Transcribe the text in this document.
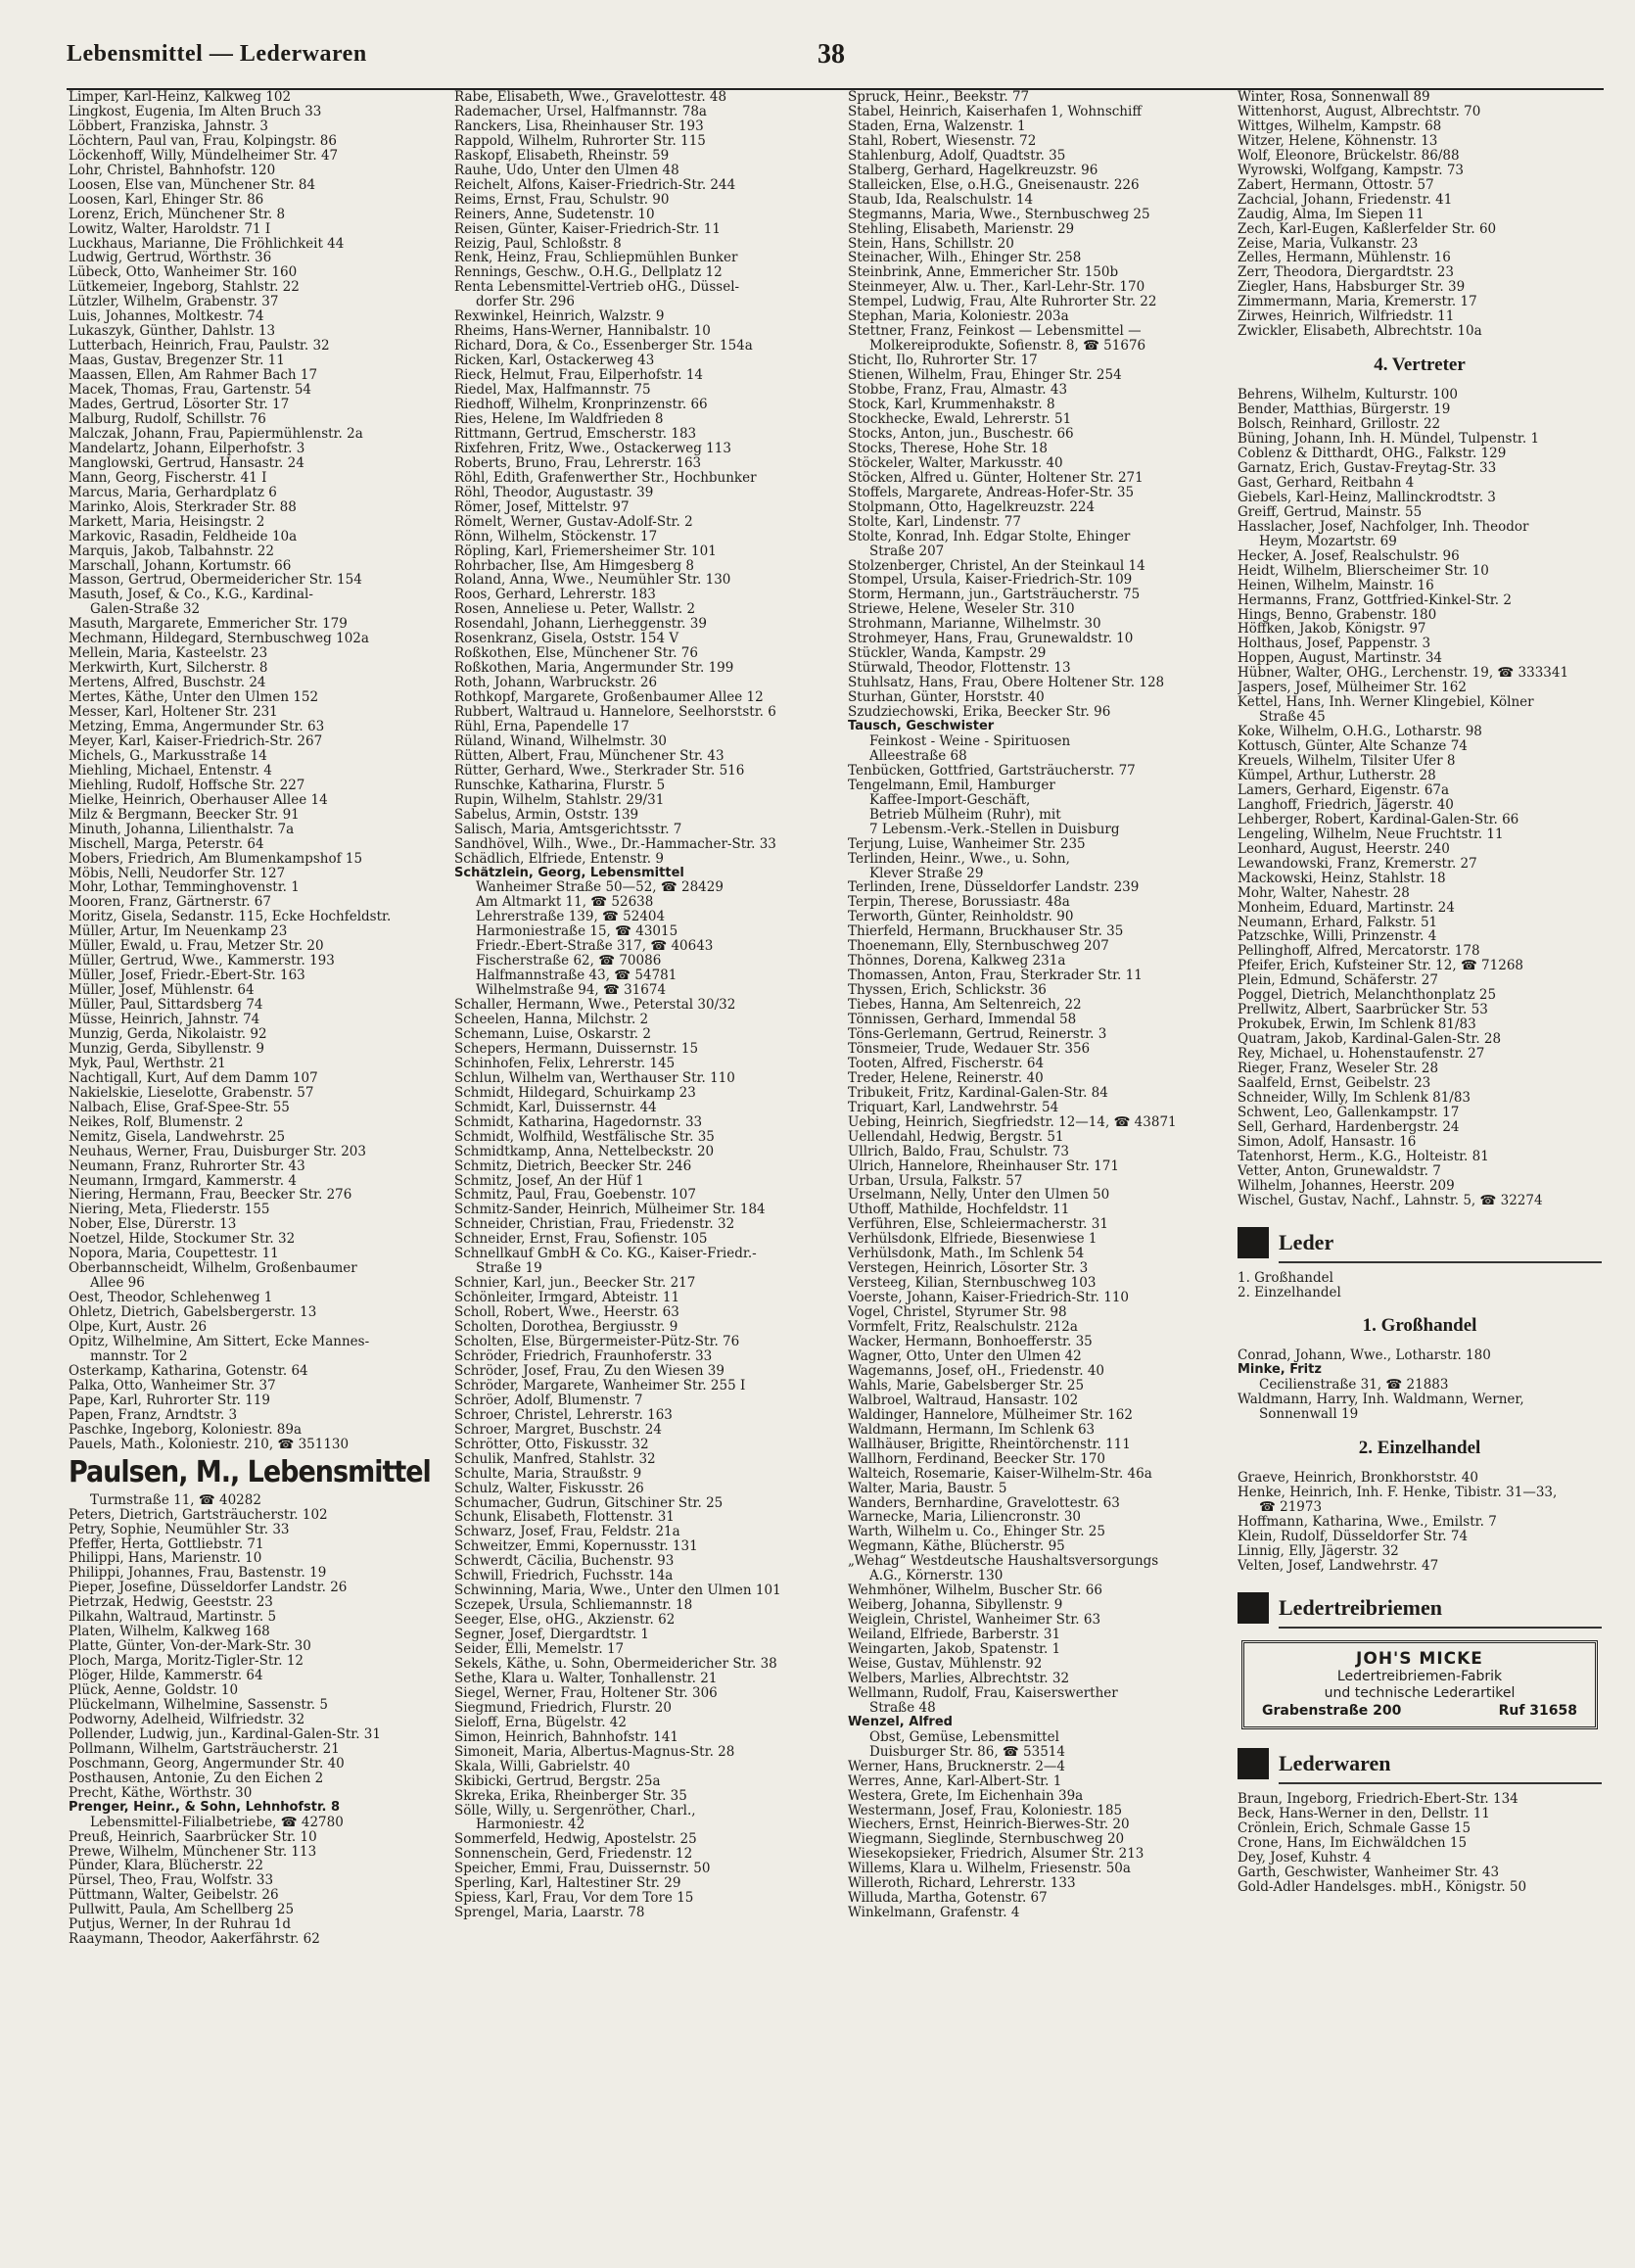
Lebensmittel — Lederwaren	38
Limper, Karl-Heinz, Kalkweg 102
Lingkost, Eugenia, Im Alten Bruch 33
Löbbert, Franziska, Jahnstr. 3
Löchtern, Paul van, Frau, Kolpingstr. 86
Löckenhoff, Willy, Mündelheimer Str. 47
Lohr, Christel, Bahnhofstr. 120
Loosen, Else van, Münchener Str. 84
Loosen, Karl, Ehinger Str. 86
Lorenz, Erich, Münchener Str. 8
Lowitz, Walter, Haroldstr. 71 I
Luckhaus, Marianne, Die Fröhlichkeit 44
Ludwig, Gertrud, Wörthstr. 36
Lübeck, Otto, Wanheimer Str. 160
Lütkemeier, Ingeborg, Stahlstr. 22
Lützler, Wilhelm, Grabenstr. 37
Luis, Johannes, Moltkestr. 74
Lukaszyk, Günther, Dahlstr. 13
Lutterbach, Heinrich, Frau, Paulstr. 32
Maas, Gustav, Bregenzer Str. 11
Maassen, Ellen, Am Rahmer Bach 17
Macek, Thomas, Frau, Gartenstr. 54
Mades, Gertrud, Lösorter Str. 17
Malburg, Rudolf, Schillstr. 76
Malczak, Johann, Frau, Papiermühlenstr. 2a
Mandelartz, Johann, Eilperhofstr. 3
Manglowski, Gertrud, Hansastr. 24
Mann, Georg, Fischerstr. 41 I
Marcus, Maria, Gerhardplatz 6
Marinko, Alois, Sterkrader Str. 88
Markett, Maria, Heisingstr. 2
Markovic, Rasadin, Feldheide 10a
Marquis, Jakob, Talbahnstr. 22
Marschall, Johann, Kortumstr. 66
Masson, Gertrud, Obermeidericher Str. 154
Masuth, Josef, & Co., K.G., Kardinal-
Galen-Straße 32
Masuth, Margarete, Emmericher Str. 179
Mechmann, Hildegard, Sternbuschweg 102a
Mellein, Maria, Kasteelstr. 23
Merkwirth, Kurt, Silcherstr. 8
Mertens, Alfred, Buschstr. 24
Mertes, Käthe, Unter den Ulmen 152
Messer, Karl, Holtener Str. 231
Metzing, Emma, Angermunder Str. 63
Meyer, Karl, Kaiser-Friedrich-Str. 267
Michels, G., Markusstraße 14
Miehling, Michael, Entenstr. 4
Miehling, Rudolf, Hoffsche Str. 227
Mielke, Heinrich, Oberhauser Allee 14
Milz & Bergmann, Beecker Str. 91
Minuth, Johanna, Lilienthalstr. 7a
Mischell, Marga, Peterstr. 64
Mobers, Friedrich, Am Blumenkampshof 15
Möbis, Nelli, Neudorfer Str. 127
Mohr, Lothar, Temminghovenstr. 1
Mooren, Franz, Gärtnerstr. 67
Moritz, Gisela, Sedanstr. 115, Ecke Hochfeldstr.
Müller, Artur, Im Neuenkamp 23
Müller, Ewald, u. Frau, Metzer Str. 20
Müller, Gertrud, Wwe., Kammerstr. 193
Müller, Josef, Friedr.-Ebert-Str. 163
Müller, Josef, Mühlenstr. 64
Müller, Paul, Sittardsberg 74
Müsse, Heinrich, Jahnstr. 74
Munzig, Gerda, Nikolaistr. 92
Munzig, Gerda, Sibyllenstr. 9
Myk, Paul, Werthstr. 21
Nachtigall, Kurt, Auf dem Damm 107
Nakielskie, Lieselotte, Grabenstr. 57
Nalbach, Elise, Graf-Spee-Str. 55
Neikes, Rolf, Blumenstr. 2
Nemitz, Gisela, Landwehrstr. 25
Neuhaus, Werner, Frau, Duisburger Str. 203
Neumann, Franz, Ruhrorter Str. 43
Neumann, Irmgard, Kammerstr. 4
Niering, Hermann, Frau, Beecker Str. 276
Niering, Meta, Fliederstr. 155
Nober, Else, Dürerstr. 13
Noetzel, Hilde, Stockumer Str. 32
Nopora, Maria, Coupettestr. 11
Oberbannscheidt, Wilhelm, Großenbaumer
Allee 96
Oest, Theodor, Schlehenweg 1
Ohletz, Dietrich, Gabelsbergerstr. 13
Olpe, Kurt, Austr. 26
Opitz, Wilhelmine, Am Sittert, Ecke Mannes-
mannstr. Tor 2
Osterkamp, Katharina, Gotenstr. 64
Palka, Otto, Wanheimer Str. 37
Pape, Karl, Ruhrorter Str. 119
Papen, Franz, Arndtstr. 3
Paschke, Ingeborg, Koloniestr. 89a
Pauels, Math., Koloniestr. 210, ☎ 351130
Paulsen, M., Lebensmittel
Turmstraße 11, ☎ 40282
Peters, Dietrich, Gartsträucherstr. 102
Petry, Sophie, Neumühler Str. 33
Pfeffer, Herta, Gottliebstr. 71
Philippi, Hans, Marienstr. 10
Philippi, Johannes, Frau, Bastenstr. 19
Pieper, Josefine, Düsseldorfer Landstr. 26
Pietrzak, Hedwig, Geeststr. 23
Pilkahn, Waltraud, Martinstr. 5
Platen, Wilhelm, Kalkweg 168
Platte, Günter, Von-der-Mark-Str. 30
Ploch, Marga, Moritz-Tigler-Str. 12
Plöger, Hilde, Kammerstr. 64
Plück, Aenne, Goldstr. 10
Plückelmann, Wilhelmine, Sassenstr. 5
Podworny, Adelheid, Wilfriedstr. 32
Pollender, Ludwig, jun., Kardinal-Galen-Str. 31
Pollmann, Wilhelm, Gartsträucherstr. 21
Poschmann, Georg, Angermunder Str. 40
Posthausen, Antonie, Zu den Eichen 2
Precht, Käthe, Wörthstr. 30
Prenger, Heinr., & Sohn, Lehnhofstr. 8
Lebensmittel-Filialbetriebe, ☎ 42780
Preuß, Heinrich, Saarbrücker Str. 10
Prewe, Wilhelm, Münchener Str. 113
Pünder, Klara, Blücherstr. 22
Pürsel, Theo, Frau, Wolfstr. 33
Püttmann, Walter, Geibelstr. 26
Pullwitt, Paula, Am Schellberg 25
Putjus, Werner, In der Ruhrau 1d
Raaymann, Theodor, Aakerfährstr. 62
Rabe, Elisabeth, Wwe., Gravelottestr. 48
Rademacher, Ursel, Halfmannstr. 78a
Ranckers, Lisa, Rheinhauser Str. 193
Rappold, Wilhelm, Ruhrorter Str. 115
Raskopf, Elisabeth, Rheinstr. 59
Rauhe, Udo, Unter den Ulmen 48
Reichelt, Alfons, Kaiser-Friedrich-Str. 244
Reims, Ernst, Frau, Schulstr. 90
Reiners, Änne, Sudetenstr. 10
Reisen, Günter, Kaiser-Friedrich-Str. 11
Reizig, Paul, Schloßstr. 8
Renk, Heinz, Frau, Schliepmühlen Bunker
Rennings, Geschw., O.H.G., Dellplatz 12
Renta Lebensmittel-Vertrieb oHG., Düssel-
dorfer Str. 296
Rexwinkel, Heinrich, Walzstr. 9
Rheims, Hans-Werner, Hannibalstr. 10
Richard, Dora, & Co., Essenberger Str. 154a
Ricken, Karl, Ostackerweg 43
Rieck, Helmut, Frau, Eilperhofstr. 14
Riedel, Max, Halfmannstr. 75
Riedhoff, Wilhelm, Kronprinzenstr. 66
Ries, Helene, Im Waldfrieden 8
Rittmann, Gertrud, Emscherstr. 183
Rixfehren, Fritz, Wwe., Ostackerweg 113
Roberts, Bruno, Frau, Lehrerstr. 163
Röhl, Edith, Grafenwerther Str., Hochbunker
Röhl, Theodor, Augustastr. 39
Römer, Josef, Mittelstr. 97
Römelt, Werner, Gustav-Adolf-Str. 2
Rönn, Wilhelm, Stöckenstr. 17
Röpling, Karl, Friemersheimer Str. 101
Rohrbacher, Ilse, Am Himgesberg 8
Roland, Anna, Wwe., Neumühler Str. 130
Roos, Gerhard, Lehrerstr. 183
Rosen, Anneliese u. Peter, Wallstr. 2
Rosendahl, Johann, Lierheggenstr. 39
Rosenkranz, Gisela, Oststr. 154 V
Roßkothen, Else, Münchener Str. 76
Roßkothen, Maria, Angermunder Str. 199
Roth, Johann, Warbruckstr. 26
Rothkopf, Margarete, Großenbaumer Allee 12
Rubbert, Waltraud u. Hannelore, Seelhorststr. 6
Rühl, Erna, Papendelle 17
Rüland, Winand, Wilhelmstr. 30
Rütten, Albert, Frau, Münchener Str. 43
Rütter, Gerhard, Wwe., Sterkrader Str. 516
Runschke, Katharina, Flurstr. 5
Rupin, Wilhelm, Stahlstr. 29/31
Sabelus, Armin, Oststr. 139
Salisch, Maria, Amtsgerichtsstr. 7
Sandhövel, Wilh., Wwe., Dr.-Hammacher-Str. 33
Schädlich, Elfriede, Entenstr. 9
Schätzlein, Georg, Lebensmittel
Wanheimer Straße 50—52, ☎ 28429
Am Altmarkt 11, ☎ 52638
Lehrerstraße 139, ☎ 52404
Harmoniestraße 15, ☎ 43015
Friedr.-Ebert-Straße 317, ☎ 40643
Fischerstraße 62, ☎ 70086
Halfmannstraße 43, ☎ 54781
Wilhelmstraße 94, ☎ 31674
Schaller, Hermann, Wwe., Peterstal 30/32
Scheelen, Hanna, Milchstr. 2
Schemann, Luise, Oskarstr. 2
Schepers, Hermann, Duissernstr. 15
Schinhofen, Felix, Lehrerstr. 145
Schlun, Wilhelm van, Werthauser Str. 110
Schmidt, Hildegard, Schuirkamp 23
Schmidt, Karl, Duissernstr. 44
Schmidt, Katharina, Hagedornstr. 33
Schmidt, Wolfhild, Westfälische Str. 35
Schmidtkamp, Anna, Nettelbeckstr. 20
Schmitz, Dietrich, Beecker Str. 246
Schmitz, Josef, An der Hüf 1
Schmitz, Paul, Frau, Goebenstr. 107
Schmitz-Sander, Heinrich, Mülheimer Str. 184
Schneider, Christian, Frau, Friedenstr. 32
Schneider, Ernst, Frau, Sofienstr. 105
Schnellkauf GmbH & Co. KG., Kaiser-Friedr.-
Straße 19
Schnier, Karl, jun., Beecker Str. 217
Schönleiter, Irmgard, Abteistr. 11
Scholl, Robert, Wwe., Heerstr. 63
Scholten, Dorothea, Bergiusstr. 9
Scholten, Else, Bürgermeister-Pütz-Str. 76
Schröder, Friedrich, Fraunhoferstr. 33
Schröder, Josef, Frau, Zu den Wiesen 39
Schröder, Margarete, Wanheimer Str. 255 I
Schröer, Adolf, Blumenstr. 7
Schroer, Christel, Lehrerstr. 163
Schroer, Margret, Buschstr. 24
Schrötter, Otto, Fiskusstr. 32
Schulik, Manfred, Stahlstr. 32
Schulte, Maria, Straußstr. 9
Schulz, Walter, Fiskusstr. 26
Schumacher, Gudrun, Gitschiner Str. 25
Schunk, Elisabeth, Flottenstr. 31
Schwarz, Josef, Frau, Feldstr. 21a
Schweitzer, Emmi, Kopernusstr. 131
Schwerdt, Cäcilia, Buchenstr. 93
Schwill, Friedrich, Fuchsstr. 14a
Schwinning, Maria, Wwe., Unter den Ulmen 101
Sczepek, Ursula, Schliemannstr. 18
Seeger, Else, oHG., Akzienstr. 62
Segner, Josef, Diergardtstr. 1
Seider, Elli, Memelstr. 17
Sekels, Käthe, u. Sohn, Obermeidericher Str. 38
Sethe, Klara u. Walter, Tonhallenstr. 21
Siegel, Werner, Frau, Holtener Str. 306
Siegmund, Friedrich, Flurstr. 20
Sieloff, Erna, Bügelstr. 42
Simon, Heinrich, Bahnhofstr. 141
Simoneit, Maria, Albertus-Magnus-Str. 28
Skala, Willi, Gabrielstr. 40
Skibicki, Gertrud, Bergstr. 25a
Skreka, Erika, Rheinberger Str. 35
Sölle, Willy, u. Sergenröther, Charl.,
Harmoniestr. 42
Sommerfeld, Hedwig, Apostelstr. 25
Sonnenschein, Gerd, Friedenstr. 12
Speicher, Emmi, Frau, Duissernstr. 50
Sperling, Karl, Haltestiner Str. 29
Spiess, Karl, Frau, Vor dem Tore 15
Sprengel, Maria, Laarstr. 78
Spruck, Heinr., Beekstr. 77
Stabel, Heinrich, Kaiserhafen 1, Wohnschiff
Staden, Erna, Walzenstr. 1
Stahl, Robert, Wiesenstr. 72
Stahlenburg, Adolf, Quadtstr. 35
Stalberg, Gerhard, Hagelkreuzstr. 96
Stalleicken, Else, o.H.G., Gneisenaustr. 226
Staub, Ida, Realschulstr. 14
Stegmanns, Maria, Wwe., Sternbuschweg 25
Stehling, Elisabeth, Marienstr. 29
Stein, Hans, Schillstr. 20
Steinacher, Wilh., Ehinger Str. 258
Steinbrink, Änne, Emmericher Str. 150b
Steinmeyer, Alw. u. Ther., Karl-Lehr-Str. 170
Stempel, Ludwig, Frau, Alte Ruhrorter Str. 22
Stephan, Maria, Koloniestr. 203a
Stettner, Franz, Feinkost — Lebensmittel —
Molkereiprodukte, Sofienstr. 8, ☎ 51676
Sticht, Ilo, Ruhrorter Str. 17
Stienen, Wilhelm, Frau, Ehinger Str. 254
Stobbe, Franz, Frau, Almastr. 43
Stock, Karl, Krummenhakstr. 8
Stockhecke, Ewald, Lehrerstr. 51
Stocks, Anton, jun., Buschestr. 66
Stocks, Therese, Hohe Str. 18
Stöckeler, Walter, Markusstr. 40
Stöcken, Alfred u. Günter, Holtener Str. 271
Stoffels, Margarete, Andreas-Hofer-Str. 35
Stolpmann, Otto, Hagelkreuzstr. 224
Stolte, Karl, Lindenstr. 77
Stolte, Konrad, Inh. Edgar Stolte, Ehinger
Straße 207
Stolzenberger, Christel, An der Steinkaul 14
Stompel, Ursula, Kaiser-Friedrich-Str. 109
Storm, Hermann, jun., Gartsträucherstr. 75
Striewe, Helene, Weseler Str. 310
Strohmann, Marianne, Wilhelmstr. 30
Strohmeyer, Hans, Frau, Grunewaldstr. 10
Stückler, Wanda, Kampstr. 29
Stürwald, Theodor, Flottenstr. 13
Stuhlsatz, Hans, Frau, Obere Holtener Str. 128
Sturhan, Günter, Horststr. 40
Szudziechowski, Erika, Beecker Str. 96
Tausch, Geschwister
Feinkost - Weine - Spirituosen
Alleestraße 68
Tenbücken, Gottfried, Gartsträucherstr. 77
Tengelmann, Emil, Hamburger
Kaffee-Import-Geschäft,
Betrieb Mülheim (Ruhr), mit
7 Lebensm.-Verk.-Stellen in Duisburg
Terjung, Luise, Wanheimer Str. 235
Terlinden, Heinr., Wwe., u. Sohn,
Klever Straße 29
Terlinden, Irene, Düsseldorfer Landstr. 239
Terpin, Therese, Borussiastr. 48a
Terworth, Günter, Reinholdstr. 90
Thierfeld, Hermann, Bruckhauser Str. 35
Thoenemann, Elly, Sternbuschweg 207
Thönnes, Dorena, Kalkweg 231a
Thomassen, Anton, Frau, Sterkrader Str. 11
Thyssen, Erich, Schlickstr. 36
Tiebes, Hanna, Am Seltenreich, 22
Tönnissen, Gerhard, Immendal 58
Töns-Gerlemann, Gertrud, Reinerstr. 3
Tönsmeier, Trude, Wedauer Str. 356
Tooten, Alfred, Fischerstr. 64
Treder, Helene, Reinerstr. 40
Tribukeit, Fritz, Kardinal-Galen-Str. 84
Triquart, Karl, Landwehrstr. 54
Uebing, Heinrich, Siegfriedstr. 12—14, ☎ 43871
Uellendahl, Hedwig, Bergstr. 51
Ullrich, Baldo, Frau, Schulstr. 73
Ulrich, Hannelore, Rheinhauser Str. 171
Urban, Ursula, Falkstr. 57
Urselmann, Nelly, Unter den Ulmen 50
Uthoff, Mathilde, Hochfeldstr. 11
Verführen, Else, Schleiermacherstr. 31
Verhülsdonk, Elfriede, Biesenwiese 1
Verhülsdonk, Math., Im Schlenk 54
Verstegen, Heinrich, Lösorter Str. 3
Versteeg, Kilian, Sternbuschweg 103
Voerste, Johann, Kaiser-Friedrich-Str. 110
Vogel, Christel, Styrumer Str. 98
Vormfelt, Fritz, Realschulstr. 212a
Wacker, Hermann, Bonhoefferstr. 35
Wagner, Otto, Unter den Ulmen 42
Wagemanns, Josef, oH., Friedenstr. 40
Wahls, Marie, Gabelsberger Str. 25
Walbroel, Waltraud, Hansastr. 102
Waldinger, Hannelore, Mülheimer Str. 162
Waldmann, Hermann, Im Schlenk 63
Wallhäuser, Brigitte, Rheintörchenstr. 111
Wallhorn, Ferdinand, Beecker Str. 170
Walteich, Rosemarie, Kaiser-Wilhelm-Str. 46a
Walter, Maria, Baustr. 5
Wanders, Bernhardine, Gravelottestr. 63
Warnecke, Maria, Liliencronstr. 30
Warth, Wilhelm u. Co., Ehinger Str. 25
Wegmann, Käthe, Blücherstr. 95
„Wehag“ Westdeutsche Haushaltsversorgungs
A.G., Körnerstr. 130
Wehmhöner, Wilhelm, Buscher Str. 66
Weiberg, Johanna, Sibyllenstr. 9
Weiglein, Christel, Wanheimer Str. 63
Weiland, Elfriede, Barberstr. 31
Weingarten, Jakob, Spatenstr. 1
Weise, Gustav, Mühlenstr. 92
Welbers, Marlies, Albrechtstr. 32
Wellmann, Rudolf, Frau, Kaiserswerther
Straße 48
Wenzel, Alfred
Obst, Gemüse, Lebensmittel
Duisburger Str. 86, ☎ 53514
Werner, Hans, Brucknerstr. 2—4
Werres, Änne, Karl-Albert-Str. 1
Westera, Grete, Im Eichenhain 39a
Westermann, Josef, Frau, Koloniestr. 185
Wiechers, Ernst, Heinrich-Bierwes-Str. 20
Wiegmann, Sieglinde, Sternbuschweg 20
Wiesekopsieker, Friedrich, Alsumer Str. 213
Willems, Klara u. Wilhelm, Friesenstr. 50a
Willeroth, Richard, Lehrerstr. 133
Willuda, Martha, Gotenstr. 67
Winkelmann, Grafenstr. 4
Winter, Rosa, Sonnenwall 89
Wittenhorst, August, Albrechtstr. 70
Wittges, Wilhelm, Kampstr. 68
Witzer, Helene, Köhnenstr. 13
Wolf, Eleonore, Brückelstr. 86/88
Wyrowski, Wolfgang, Kampstr. 73
Zabert, Hermann, Ottostr. 57
Zachcial, Johann, Friedenstr. 41
Zaudig, Alma, Im Siepen 11
Zech, Karl-Eugen, Kaßlerfelder Str. 60
Zeise, Maria, Vulkanstr. 23
Zelles, Hermann, Mühlenstr. 16
Zerr, Theodora, Diergardtstr. 23
Ziegler, Hans, Habsburger Str. 39
Zimmermann, Maria, Kremerstr. 17
Zirwes, Heinrich, Wilfriedstr. 11
Zwickler, Elisabeth, Albrechtstr. 10a
4. Vertreter
Behrens, Wilhelm, Kulturstr. 100
Bender, Matthias, Bürgerstr. 19
Bolsch, Reinhard, Grillostr. 22
Büning, Johann, Inh. H. Mündel, Tulpenstr. 1
Coblenz & Ditthardt, OHG., Falkstr. 129
Garnatz, Erich, Gustav-Freytag-Str. 33
Gast, Gerhard, Reitbahn 4
Giebels, Karl-Heinz, Mallinckrodtstr. 3
Greiff, Gertrud, Mainstr. 55
Hasslacher, Josef, Nachfolger, Inh. Theodor
Heym, Mozartstr. 69
Hecker, A. Josef, Realschulstr. 96
Heidt, Wilhelm, Blierscheimer Str. 10
Heinen, Wilhelm, Mainstr. 16
Hermanns, Franz, Gottfried-Kinkel-Str. 2
Hings, Benno, Grabenstr. 180
Höffken, Jakob, Königstr. 97
Holthaus, Josef, Pappenstr. 3
Hoppen, August, Martinstr. 34
Hübner, Walter, OHG., Lerchenstr. 19, ☎ 333341
Jaspers, Josef, Mülheimer Str. 162
Kettel, Hans, Inh. Werner Klingebiel, Kölner
Straße 45
Koke, Wilhelm, O.H.G., Lotharstr. 98
Kottusch, Günter, Alte Schanze 74
Kreuels, Wilhelm, Tilsiter Ufer 8
Kümpel, Arthur, Lutherstr. 28
Lamers, Gerhard, Eigenstr. 67a
Langhoff, Friedrich, Jägerstr. 40
Lehberger, Robert, Kardinal-Galen-Str. 66
Lengeling, Wilhelm, Neue Fruchtstr. 11
Leonhard, August, Heerstr. 240
Lewandowski, Franz, Kremerstr. 27
Mackowski, Heinz, Stahlstr. 18
Mohr, Walter, Nahestr. 28
Monheim, Eduard, Martinstr. 24
Neumann, Erhard, Falkstr. 51
Patzschke, Willi, Prinzenstr. 4
Pellinghoff, Alfred, Mercatorstr. 178
Pfeifer, Erich, Kufsteiner Str. 12, ☎ 71268
Plein, Edmund, Schäferstr. 27
Poggel, Dietrich, Melanchthonplatz 25
Prellwitz, Albert, Saarbrücker Str. 53
Prokubek, Erwin, Im Schlenk 81/83
Quatram, Jakob, Kardinal-Galen-Str. 28
Rey, Michael, u. Hohenstaufenstr. 27
Rieger, Franz, Weseler Str. 28
Saalfeld, Ernst, Geibelstr. 23
Schneider, Willy, Im Schlenk 81/83
Schwent, Leo, Gallenkampstr. 17
Sell, Gerhard, Hardenbergstr. 24
Simon, Adolf, Hansastr. 16
Tatenhorst, Herm., K.G., Holteistr. 81
Vetter, Anton, Grunewaldstr. 7
Wilhelm, Johannes, Heerstr. 209
Wischel, Gustav, Nachf., Lahnstr. 5, ☎ 32274
Leder
1. Großhandel
2. Einzelhandel
1. Großhandel
Conrad, Johann, Wwe., Lotharstr. 180
Minke, Fritz
Cecilienstraße 31, ☎ 21883
Waldmann, Harry, Inh. Waldmann, Werner,
Sonnenwall 19
2. Einzelhandel
Graeve, Heinrich, Bronkhorststr. 40
Henke, Heinrich, Inh. F. Henke, Tibistr. 31—33,
☎ 21973
Hoffmann, Katharina, Wwe., Emilstr. 7
Klein, Rudolf, Düsseldorfer Str. 74
Linnig, Elly, Jägerstr. 32
Velten, Josef, Landwehrstr. 47
Ledertreibriemen
JOH'S MICKE
Ledertreibriemen-Fabrik
und technische Lederartikel
Grabenstraße 200	Ruf 31658
Lederwaren
Braun, Ingeborg, Friedrich-Ebert-Str. 134
Beck, Hans-Werner in den, Dellstr. 11
Crönlein, Erich, Schmale Gasse 15
Crone, Hans, Im Eichwäldchen 15
Dey, Josef, Kuhstr. 4
Garth, Geschwister, Wanheimer Str. 43
Gold-Adler Handelsges. mbH., Königstr. 50
